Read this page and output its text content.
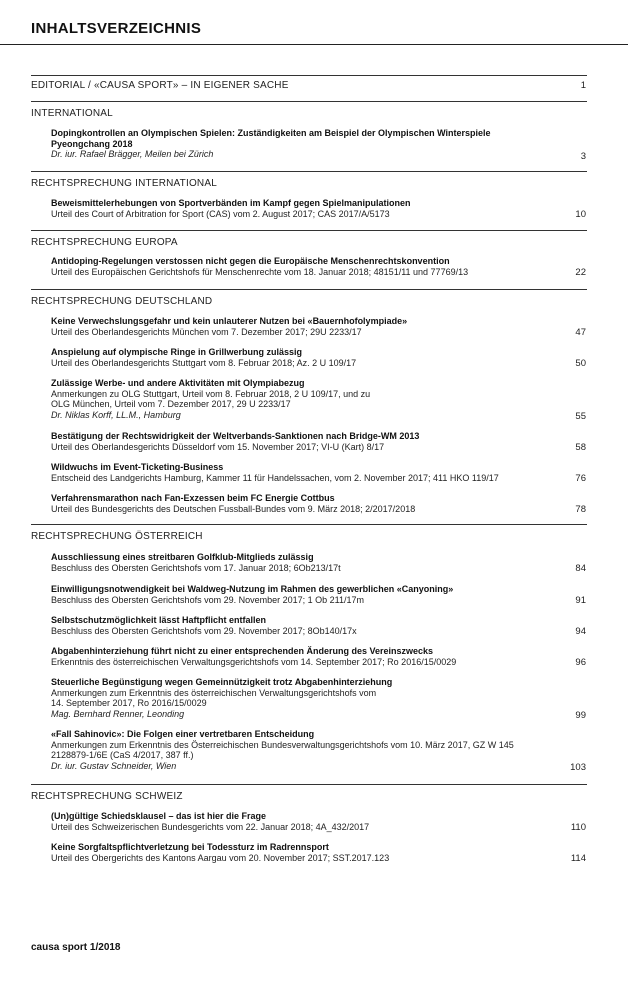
INHALTSVERZEICHNIS
EDITORIAL / «CAUSA SPORT» – IN EIGENER SACHE	1
INTERNATIONAL
Dopingkontrollen an Olympischen Spielen: Zuständigkeiten am Beispiel der Olympischen Winterspiele Pyeongchang 2018
Dr. iur. Rafael Brägger, Meilen bei Zürich	3
RECHTSPRECHUNG INTERNATIONAL
Beweismittelerhebungen von Sportverbänden im Kampf gegen Spielmanipulationen
Urteil des Court of Arbitration for Sport (CAS) vom 2. August 2017; CAS 2017/A/5173	10
RECHTSPRECHUNG EUROPA
Antidoping-Regelungen verstossen nicht gegen die Europäische Menschenrechtskonvention
Urteil des Europäischen Gerichtshofs für Menschenrechte vom 18. Januar 2018; 48151/11 und 77769/13	22
RECHTSPRECHUNG DEUTSCHLAND
Keine Verwechslungsgefahr und kein unlauterer Nutzen bei «Bauernhofolympiade»
Urteil des Oberlandesgerichts München vom 7. Dezember 2017; 29U 2233/17	47
Anspielung auf olympische Ringe in Grillwerbung zulässig
Urteil des Oberlandesgerichts Stuttgart vom 8. Februar 2018; Az. 2 U 109/17	50
Zulässige Werbe- und andere Aktivitäten mit Olympiabezug
Anmerkungen zu OLG Stuttgart, Urteil vom 8. Februar 2018, 2 U 109/17, und zu
OLG München, Urteil vom 7. Dezember 2017, 29 U 2233/17
Dr. Niklas Korff, LL.M., Hamburg	55
Bestätigung der Rechtswidrigkeit der Weltverbands-Sanktionen nach Bridge-WM 2013
Urteil des Oberlandesgerichts Düsseldorf vom 15. November 2017; VI-U (Kart) 8/17	58
Wildwuchs im Event-Ticketing-Business
Entscheid des Landgerichts Hamburg, Kammer 11 für Handelssachen, vom 2. November 2017; 411 HKO 119/17	76
Verfahrensmarathon nach Fan-Exzessen beim FC Energie Cottbus
Urteil des Bundesgerichts des Deutschen Fussball-Bundes vom 9. März 2018; 2/2017/2018	78
RECHTSPRECHUNG ÖSTERREICH
Ausschliessung eines streitbaren Golfklub-Mitglieds zulässig
Beschluss des Obersten Gerichtshofs vom 17. Januar 2018; 6Ob213/17t	84
Einwilligungsnotwendigkeit bei Waldweg-Nutzung im Rahmen des gewerblichen «Canyoning»
Beschluss des Obersten Gerichtshofs vom 29. November 2017; 1 Ob 211/17m	91
Selbstschutzmöglichkeit lässt Haftpflicht entfallen
Beschluss des Obersten Gerichtshofs vom 29. November 2017; 8Ob140/17x	94
Abgabenhinterziehung führt nicht zu einer entsprechenden Änderung des Vereinszwecks
Erkenntnis des österreichischen Verwaltungsgerichtshofs vom 14. September 2017; Ro 2016/15/0029	96
Steuerliche Begünstigung wegen Gemeinnützigkeit trotz Abgabenhinterziehung
Anmerkungen zum Erkenntnis des österreichischen Verwaltungsgerichtshofs vom
14. September 2017, Ro 2016/15/0029
Mag. Bernhard Renner, Leonding	99
«Fall Sahinovic»: Die Folgen einer vertretbaren Entscheidung
Anmerkungen zum Erkenntnis des Österreichischen Bundesverwaltungsgerichtshofs vom 10. März 2017, GZ W 145
2128879-1/6E (CaS 4/2017, 387 ff.)
Dr. iur. Gustav Schneider, Wien	103
RECHTSPRECHUNG SCHWEIZ
(Un)gültige Schiedsklausel – das ist hier die Frage
Urteil des Schweizerischen Bundesgerichts vom 22. Januar 2018; 4A_432/2017	110
Keine Sorgfaltspflichtverletzung bei Todessturz im Radrennsport
Urteil des Obergerichts des Kantons Aargau vom 20. November 2017; SST.2017.123	114
causa sport 1/2018
